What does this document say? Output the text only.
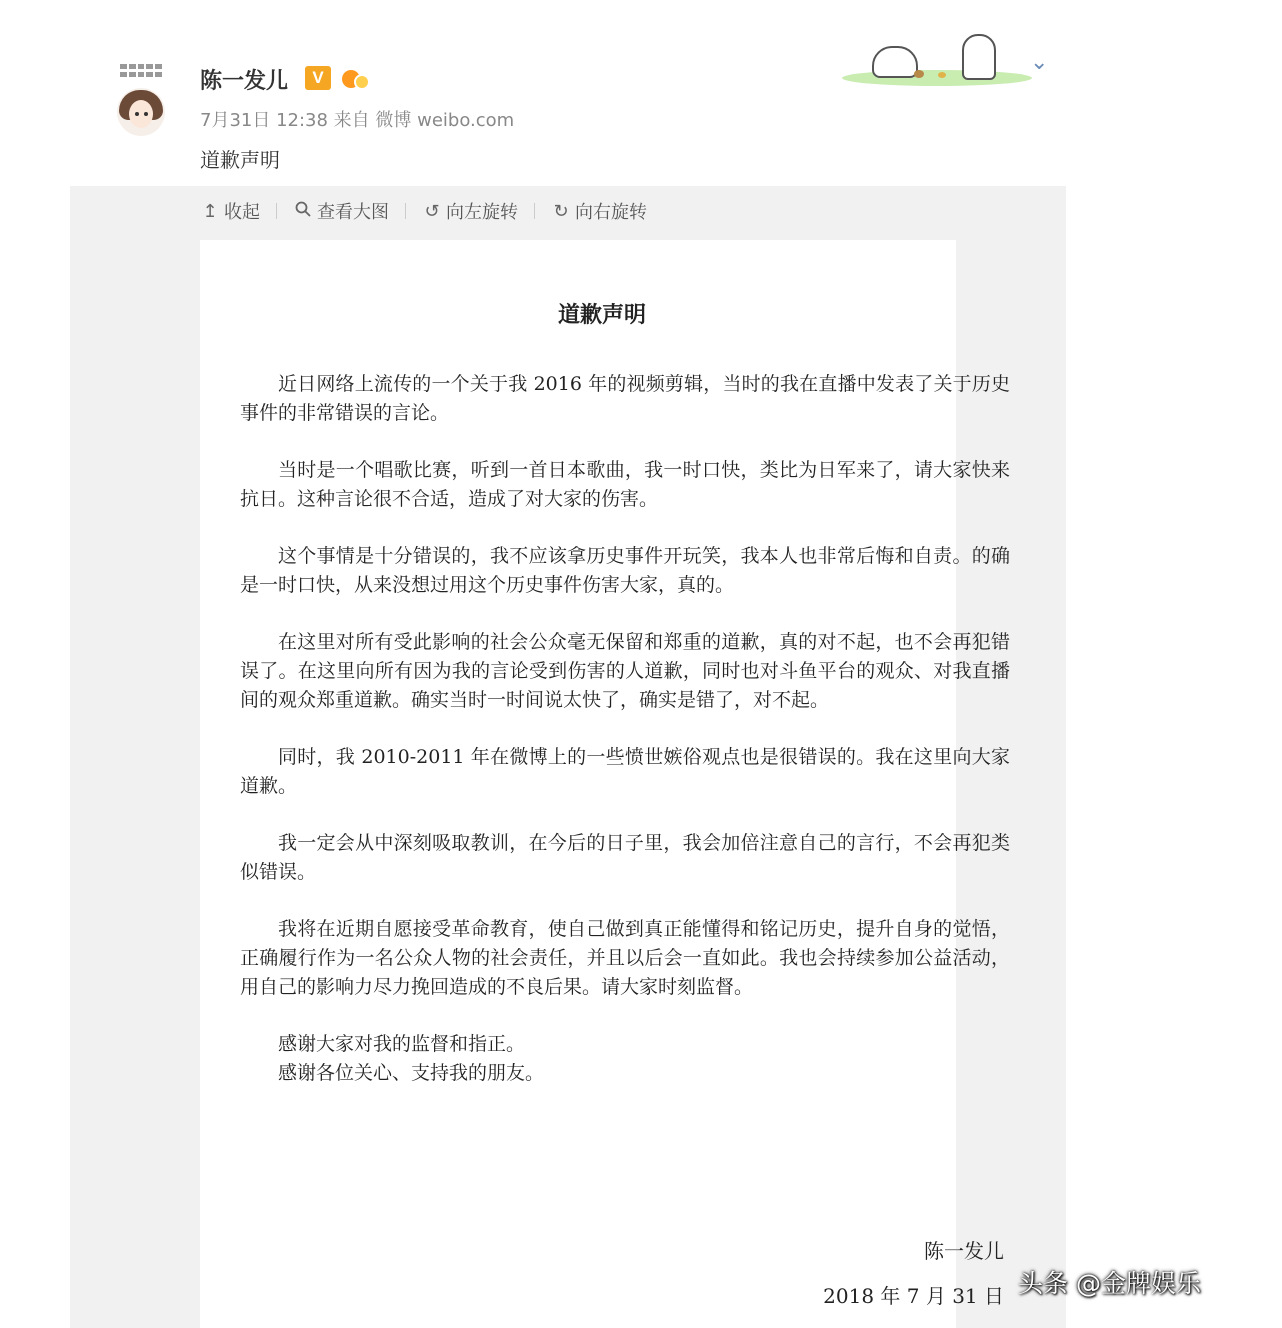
陈一发儿	V
7月31日 12:38 来自 微博 weibo.com
道歉声明
⌄
↥ 收起	查看大图 ↺ 向左旋转 ↻ 向右旋转
道歉声明

近日网络上流传的一个关于我 2016 年的视频剪辑，当时的我在直播中发表了关于历史事件的非常错误的言论。

当时是一个唱歌比赛，听到一首日本歌曲，我一时口快，类比为日军来了，请大家快来抗日。这种言论很不合适，造成了对大家的伤害。

这个事情是十分错误的，我不应该拿历史事件开玩笑，我本人也非常后悔和自责。的确是一时口快，从来没想过用这个历史事件伤害大家，真的。

在这里对所有受此影响的社会公众毫无保留和郑重的道歉，真的对不起，也不会再犯错误了。在这里向所有因为我的言论受到伤害的人道歉，同时也对斗鱼平台的观众、对我直播间的观众郑重道歉。确实当时一时间说太快了，确实是错了，对不起。

同时，我 2010-2011 年在微博上的一些愤世嫉俗观点也是很错误的。我在这里向大家道歉。

我一定会从中深刻吸取教训，在今后的日子里，我会加倍注意自己的言行，不会再犯类似错误。

我将在近期自愿接受革命教育，使自己做到真正能懂得和铭记历史，提升自身的觉悟，正确履行作为一名公众人物的社会责任，并且以后会一直如此。我也会持续参加公益活动，用自己的影响力尽力挽回造成的不良后果。请大家时刻监督。

感谢大家对我的监督和指正。

感谢各位关心、支持我的朋友。

陈一发儿
2018 年 7 月 31 日 头条 @金牌娱乐
